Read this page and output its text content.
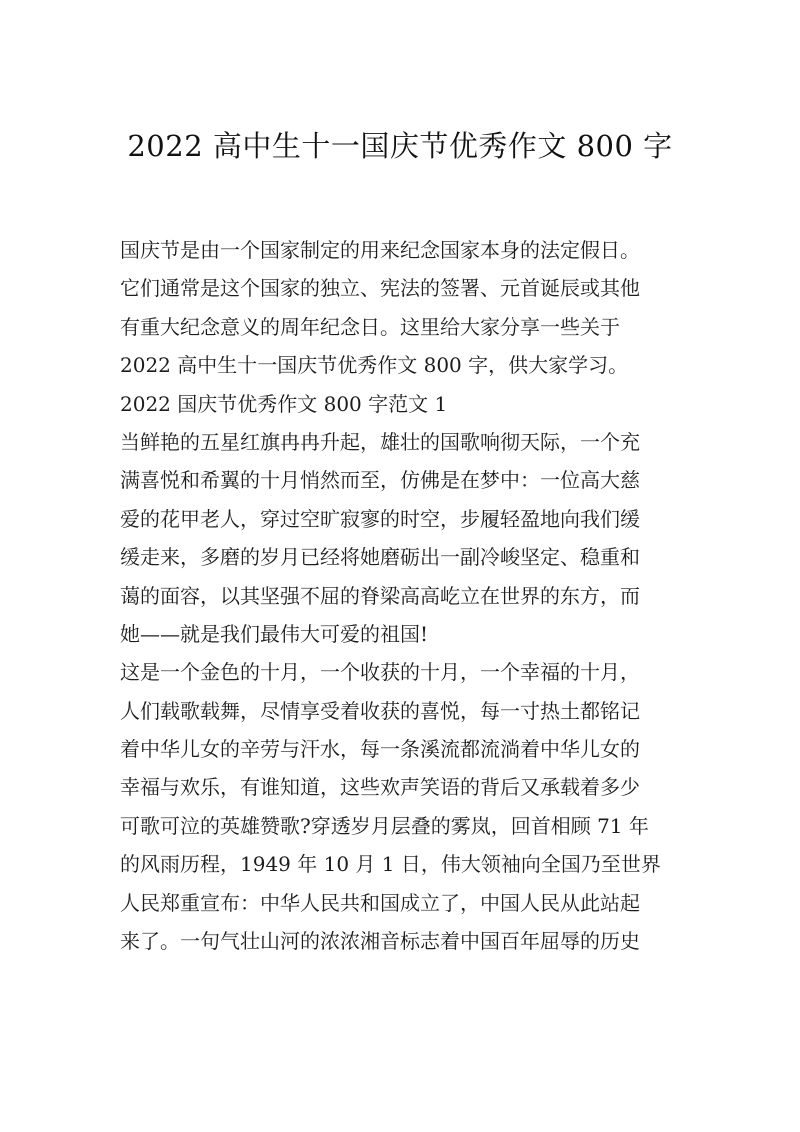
2022 高中生十一国庆节优秀作文 800 字
国庆节是由一个国家制定的用来纪念国家本身的法定假日。
它们通常是这个国家的独立、宪法的签署、元首诞辰或其他
有重大纪念意义的周年纪念日。这里给大家分享一些关于
2022 高中生十一国庆节优秀作文 800 字，供大家学习。
2022 国庆节优秀作文 800 字范文 1
当鲜艳的五星红旗冉冉升起，雄壮的国歌响彻天际，一个充
满喜悦和希翼的十月悄然而至，仿佛是在梦中：一位高大慈
爱的花甲老人，穿过空旷寂寥的时空，步履轻盈地向我们缓
缓走来，多磨的岁月已经将她磨砺出一副冷峻坚定、稳重和
蔼的面容，以其坚强不屈的脊梁高高屹立在世界的东方，而
她——就是我们最伟大可爱的祖国!
这是一个金色的十月，一个收获的十月，一个幸福的十月，
人们载歌载舞，尽情享受着收获的喜悦，每一寸热土都铭记
着中华儿女的辛劳与汗水，每一条溪流都流淌着中华儿女的
幸福与欢乐，有谁知道，这些欢声笑语的背后又承载着多少
可歌可泣的英雄赞歌?穿透岁月层叠的雾岚，回首相顾 71 年
的风雨历程，1949 年 10 月 1 日，伟大领袖向全国乃至世界
人民郑重宣布：中华人民共和国成立了，中国人民从此站起
来了。一句气壮山河的浓浓湘音标志着中国百年屈辱的历史
